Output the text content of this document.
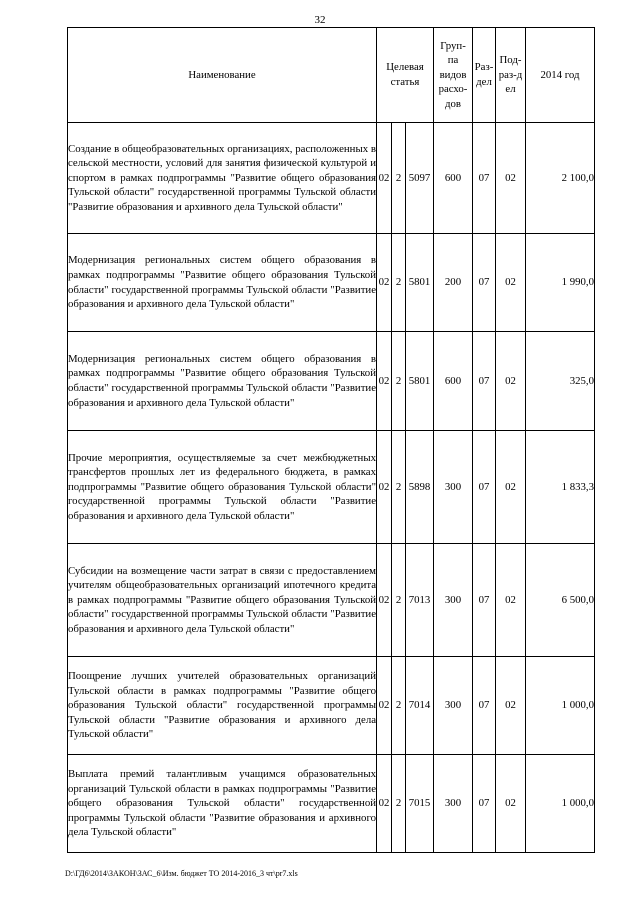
32
Наименование	Целевая статья			Груп-па видов расхо-дов	Раз-дел	Под-раз-дел	2014 год

Создание в общеобразовательных организациях, расположенных в сельской местности, условий для занятия физической культурой и спортом в рамках подпрограммы "Развитие общего образования Тульской области" государственной программы Тульской области "Развитие образования и архивного дела Тульской области"	02	2	5097	600	07	02	2 100,0

Модернизация региональных систем общего образования в рамках подпрограммы "Развитие общего образования Тульской области" государственной программы Тульской области "Развитие образования и архивного дела Тульской области"	02	2	5801	200	07	02	1 990,0

Модернизация региональных систем общего образования в рамках подпрограммы "Развитие общего образования Тульской области" государственной программы Тульской области "Развитие образования и архивного дела Тульской области"	02	2	5801	600	07	02	325,0

Прочие мероприятия, осуществляемые за счет межбюджетных трансфертов прошлых лет из федерального бюджета, в рамках подпрограммы "Развитие общего образования Тульской области" государственной программы Тульской области "Развитие образования и архивного дела Тульской области"	02	2	5898	300	07	02	1 833,3

Субсидии на возмещение части затрат в связи с предоставлением учителям общеобразовательных организаций ипотечного кредита в рамках подпрограммы "Развитие общего образования Тульской области" государственной программы Тульской области "Развитие образования и архивного дела Тульской области"	02	2	7013	300	07	02	6 500,0

Поощрение лучших учителей образовательных организаций Тульской области в рамках подпрограммы "Развитие общего образования Тульской области" государственной программы Тульской области "Развитие образования и архивного дела Тульской области"	02	2	7014	300	07	02	1 000,0

Выплата премий талантливым учащимся образовательных организаций Тульской области в рамках подпрограммы "Развитие общего образования Тульской области" государственной программы Тульской области "Развитие образования и архивного дела Тульской области"	02	2	7015	300	07	02	1 000,0
D:\ГД6\2014\ЗАКОН\ЗАС_6\Изм. бюджет ТО 2014-2016_3 чт\pr7.xls
